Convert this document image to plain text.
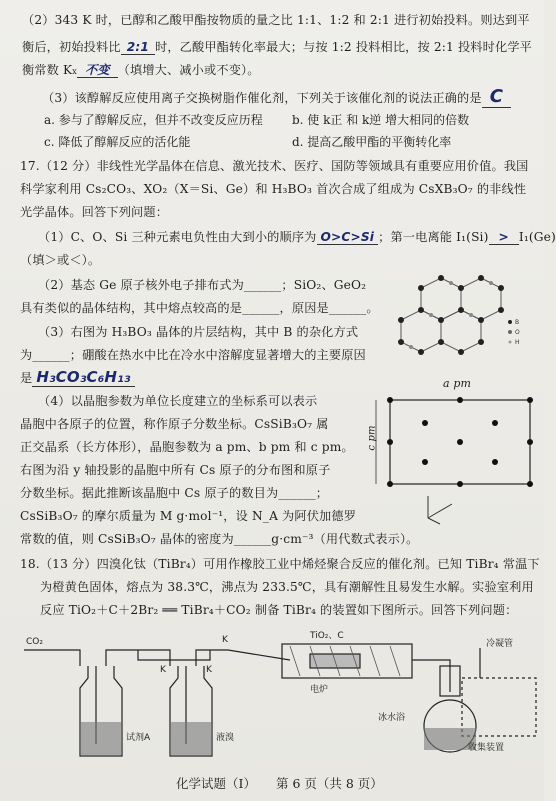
（2）343 K 时，已醇和乙酸甲酯按物质的量之比 1:1、1:2 和 2:1 进行初始投料。则达到平
衡后，初始投料比 2:1 时，乙酸甲酯转化率最大；与按 1:2 投料相比，按 2:1 投料时化学平
衡常数 Kx 不变 （填增大、减小或不变）。
（3）该醇解反应使用离子交换树脂作催化剂，下列关于该催化剂的说法正确的是 C
a. 参与了醇解反应，但并不改变反应历程 b. 使 k正 和 k逆 增大相同的倍数
c. 降低了醇解反应的活化能	d. 提高乙酸甲酯的平衡转化率
17.（12 分）非线性光学晶体在信息、激光技术、医疗、国防等领域具有重要应用价值。我国
科学家利用 Cs₂CO₃、XO₂（X＝Si、Ge）和 H₃BO₃ 首次合成了组成为 CsXB₃O₇ 的非线性
光学晶体。回答下列问题：
（1）C、O、Si 三种元素电负性由大到小的顺序为 O>C>Si ；第一电离能 I₁(Si) > I₁(Ge)
（填＞或＜）。
（2）基态 Ge 原子核外电子排布式为______；SiO₂、GeO₂
具有类似的晶体结构，其中熔点较高的是______，原因是______。
（3）右图为 H₃BO₃ 晶体的片层结构，其中 B 的杂化方式
为______；硼酸在热水中比在冷水中溶解度显著增大的主要原因
是 H₃CO₃C₆H₁₃
（4）以晶胞参数为单位长度建立的坐标系可以表示
晶胞中各原子的位置，称作原子分数坐标。CsSiB₃O₇ 属
正交晶系（长方体形），晶胞参数为 a pm、b pm 和 c pm。
右图为沿 y 轴投影的晶胞中所有 Cs 原子的分布图和原子
分数坐标。据此推断该晶胞中 Cs 原子的数目为______；
CsSiB₃O₇ 的摩尔质量为 M g·mol⁻¹，设 N_A 为阿伏加德罗
常数的值，则 CsSiB₃O₇ 晶体的密度为______g·cm⁻³（用代数式表示）。
B
O
H
a pm
c pm
18.（13 分）四溴化钛（TiBr₄）可用作橡胶工业中烯烃聚合反应的催化剂。已知 TiBr₄ 常温下
为橙黄色固体，熔点为 38.3℃，沸点为 233.5℃，具有潮解性且易发生水解。实验室利用
反应 TiO₂＋C＋2Br₂ ══ TiBr₄＋CO₂ 制备 TiBr₄ 的装置如下图所示。回答下列问题：
CO₂
TiO₂、C
K
K	K
电炉
试剂A	液溴
冷凝管
冰水浴
收集装置
化学试题（Ⅰ） 第 6 页（共 8 页）
